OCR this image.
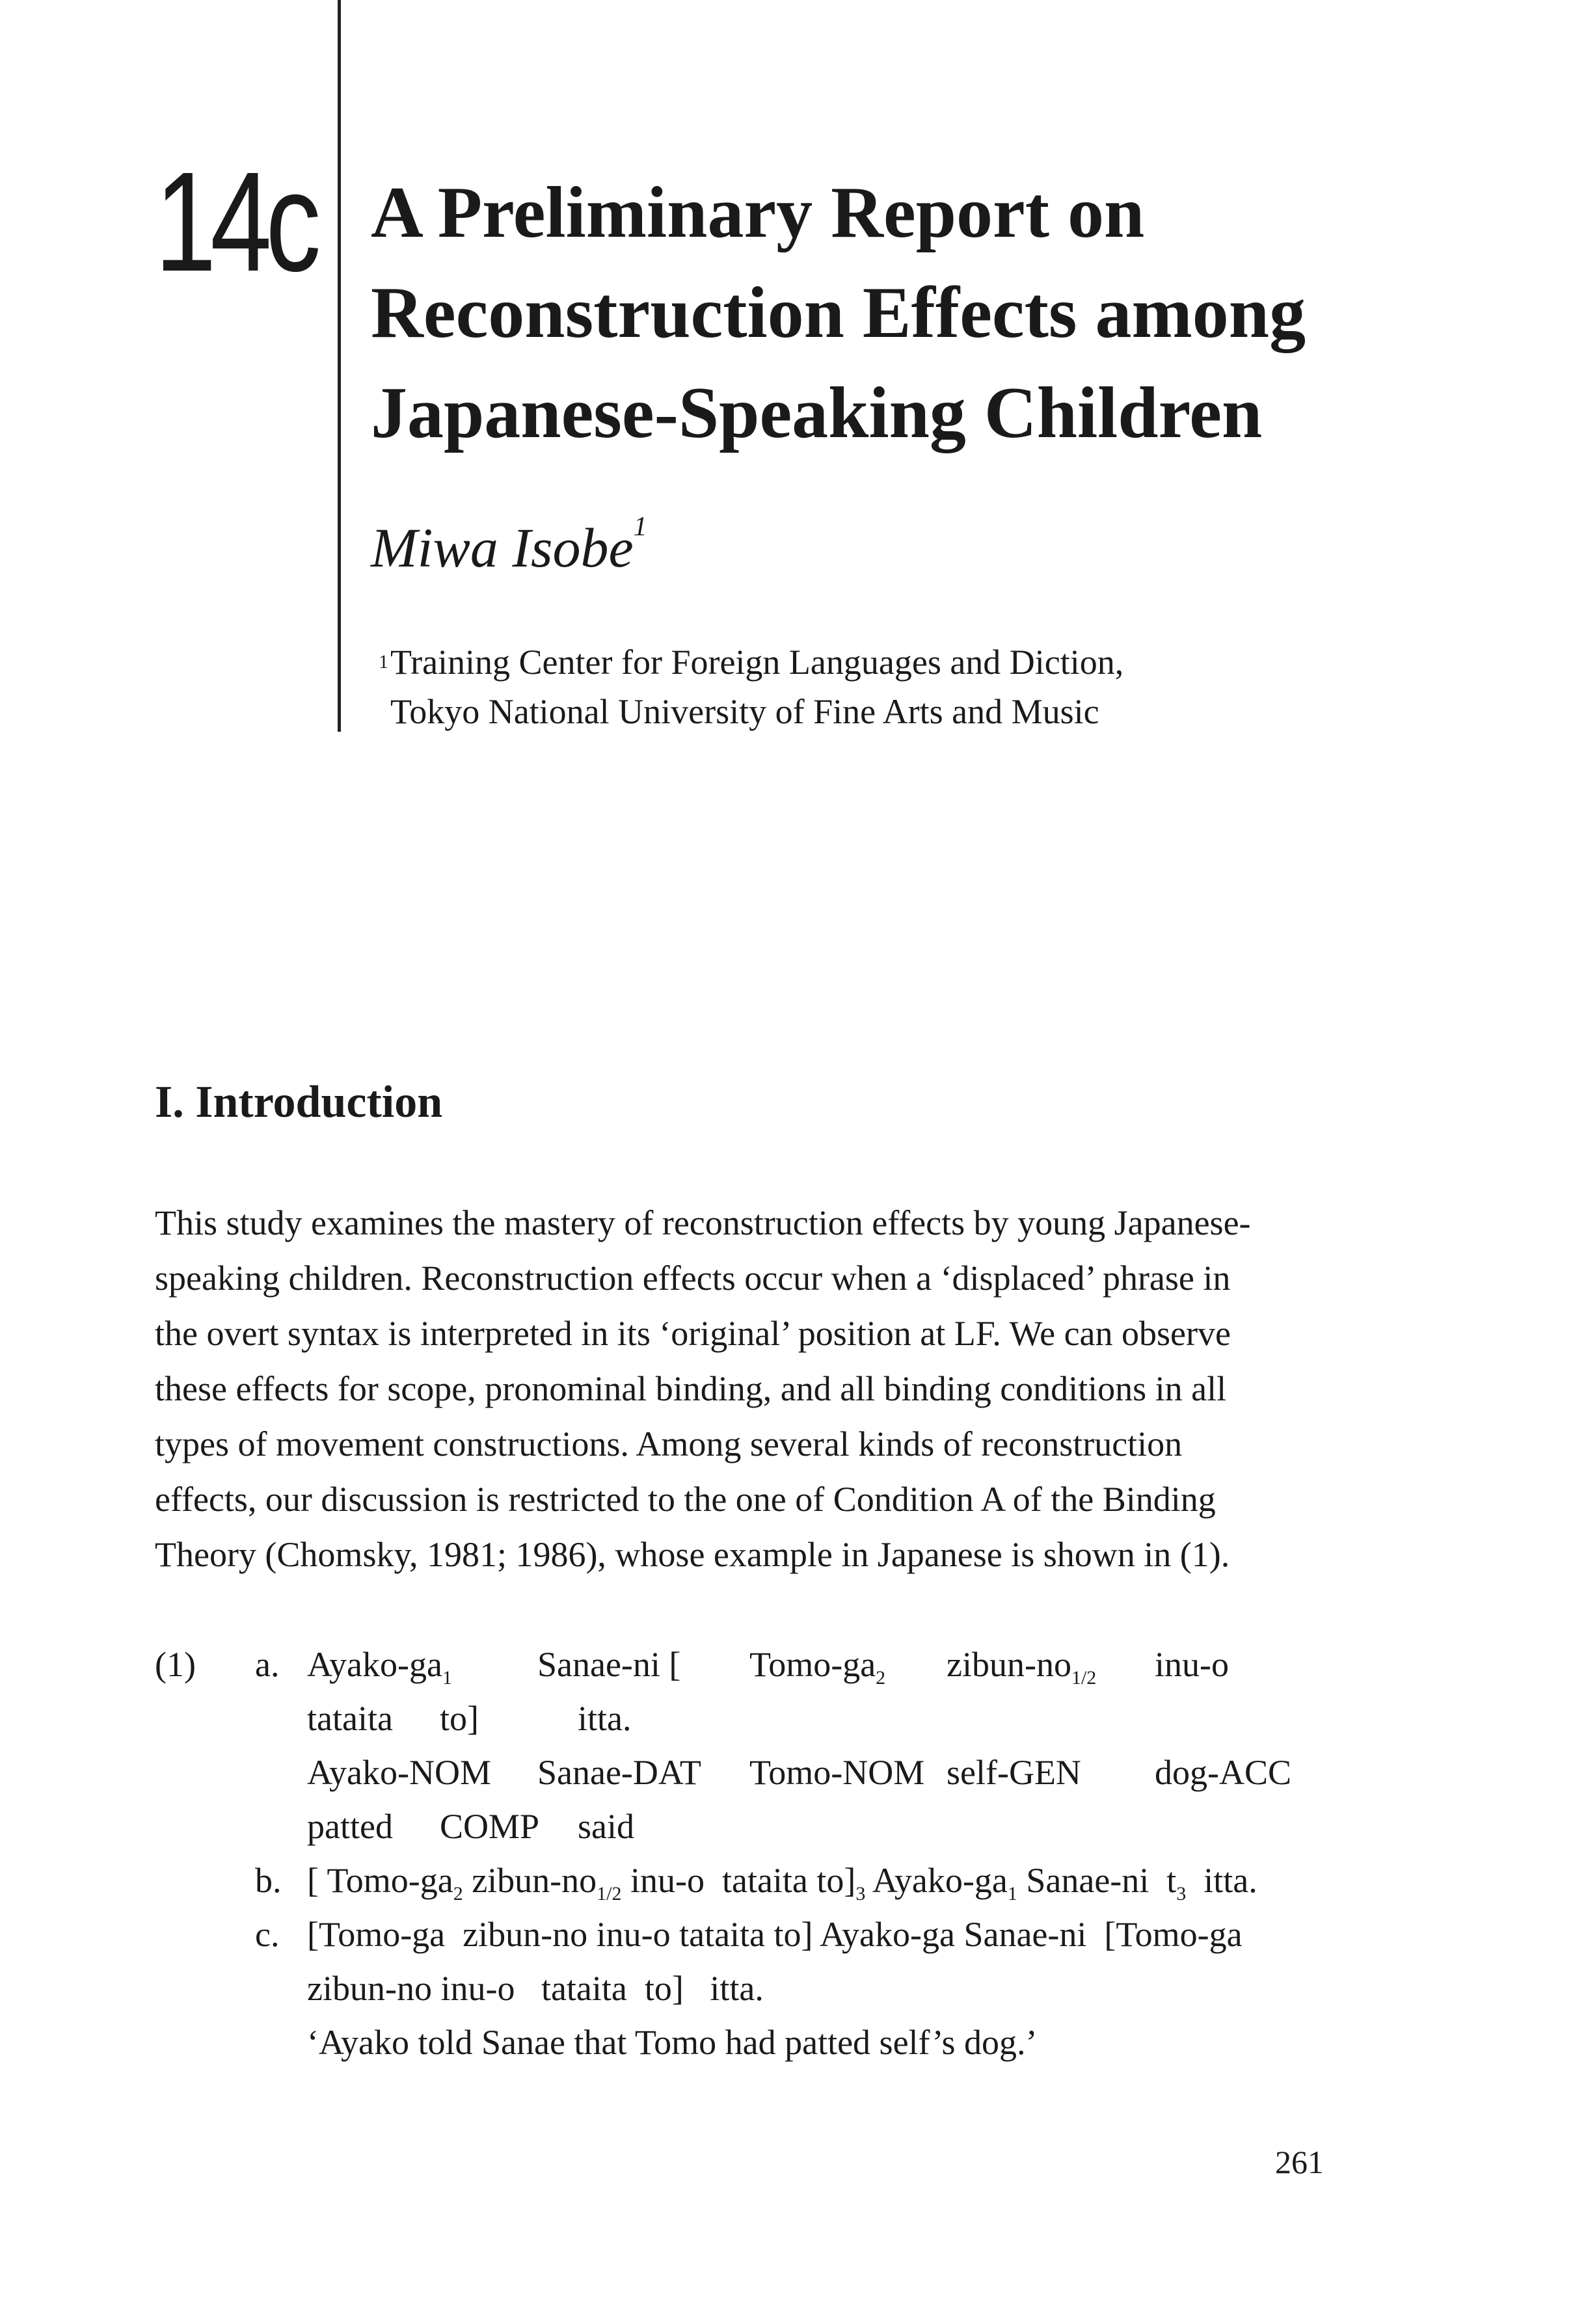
14c A Preliminary Report on
Reconstruction Effects among
Japanese-Speaking Children
Miwa Isobe$^1$
1 Training Center for Foreign Languages and Diction,
Tokyo National University of Fine Arts and Music
I. Introduction
This study examines the mastery of reconstruction effects by young Japanese-
speaking children. Reconstruction effects occur when a ‘displaced’ phrase in
the overt syntax is interpreted in its ‘original’ position at LF. We can observe
these effects for scope, pronominal binding, and all binding conditions in all
types of movement constructions. Among several kinds of reconstruction
effects, our discussion is restricted to the one of Condition A of the Binding
Theory (Chomsky, 1981; 1986), whose example in Japanese is shown in (1).
(1) a. Ayako-$ga_1$ Sanae-ni [ Tomo-$ga_2$ zibun-$no_{1/2}$ inu-o
tataita to]	itta.
Ayako-NOM Sanae-DAT Tomo-NOM self-GEN dog-ACC
patted COMP said
b. [ Tomo-$ga_2$ zibun-$no_{1/2}$ inu-o  tataita $to]_3$ Ayako-$ga_1$ Sanae-ni  $t_3$  itta.
c. [Tomo-ga  zibun-no inu-o tataita to] Ayako-ga Sanae-ni  [Tomo-ga
zibun-no inu-o   tataita  to]   itta.
‘Ayako told Sanae that Tomo had patted self’s dog.’
261
